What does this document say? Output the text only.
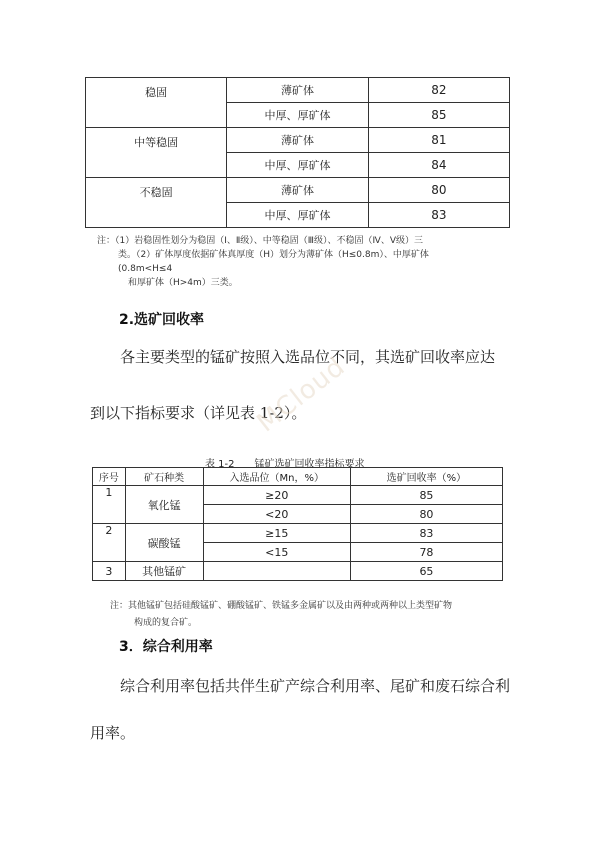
稳固	薄矿体	82
	中厚、厚矿体	85
中等稳固	薄矿体	81
	中厚、厚矿体	84
不稳固	薄矿体	80
	中厚、厚矿体	83
注：（1）岩稳固性划分为稳固（Ⅰ、Ⅱ级）、中等稳固（Ⅲ级）、不稳固（Ⅳ、Ⅴ级）三
类。（2）矿体厚度依据矿体真厚度（H）划分为薄矿体（H≤0.8m）、中厚矿体
(0.8m<H≤4
和厚矿体（H>4m）三类。
2.选矿回收率
各主要类型的锰矿按照入选品位不同，其选矿回收率应达
到以下指标要求（详见表 1-2）。
MCloud
表 1-2　　锰矿选矿回收率指标要求
序号	矿石种类	入选品位（Mn，%）	选矿回收率（%）
1	氧化锰	≥20	85
		<20	80
2	碳酸锰	≥15	83
		<15	78
3	其他锰矿		65
注：其他锰矿包括硅酸锰矿、硼酸锰矿、铁锰多金属矿以及由两种或两种以上类型矿物
构成的复合矿。
3．综合利用率
综合利用率包括共伴生矿产综合利用率、尾矿和废石综合利
用率。
